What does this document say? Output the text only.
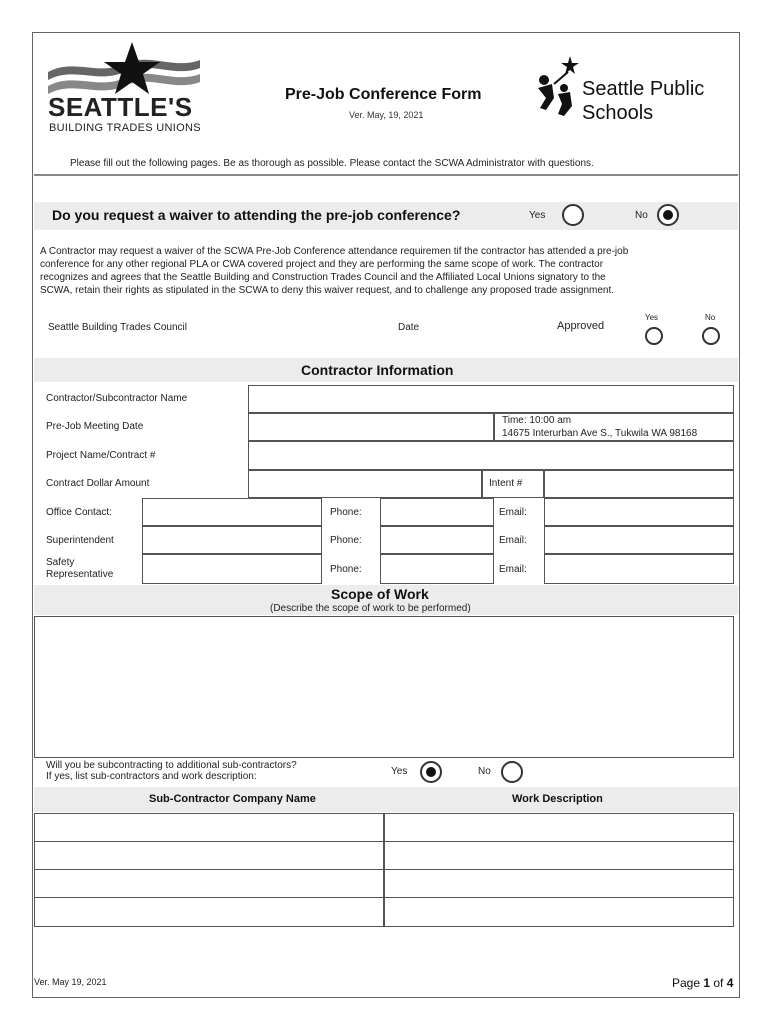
SEATTLE'S
BUILDING TRADES UNIONS
Pre-Job Conference Form
Ver. May, 19, 2021
Seattle Public
Schools
Please fill out the following pages. Be as thorough as possible. Please contact the SCWA Administrator with questions.
Do you request a waiver to attending the pre-job conference?	Yes	No
A Contractor may request a waiver of the SCWA Pre-Job Conference attendance requiremen tif the contractor has attended a pre-job
conference for any other regional PLA or CWA covered project and they are performing the same scope of work. The contractor
recognizes and agrees that the Seattle Building and Construction Trades Council and the Affiliated Local Unions signatory to the
SCWA, retain their rights as stipulated in the SCWA to deny this waiver request, and to challenge any proposed trade assignment.
Seattle Building Trades Council	Date	Approved
Yes	No
Contractor Information
Contractor/Subcontractor Name
Pre-Job Meeting Date
Time: 10:00 am
14675 Interurban Ave S., Tukwila WA 98168
Project Name/Contract #
Contract Dollar Amount	Intent #
Office Contact:	Phone:	Email:
Superintendent	Phone:	Email:
Safety Representative	Phone:	Email:
Scope of Work
(Describe the scope of work to be performed)
Will you be subcontracting to additional sub-contractors?
If yes, list sub-contractors and work description:	Yes	No
Sub-Contractor Company Name	Work Description
Ver. May 19, 2021	Page 1 of 4
